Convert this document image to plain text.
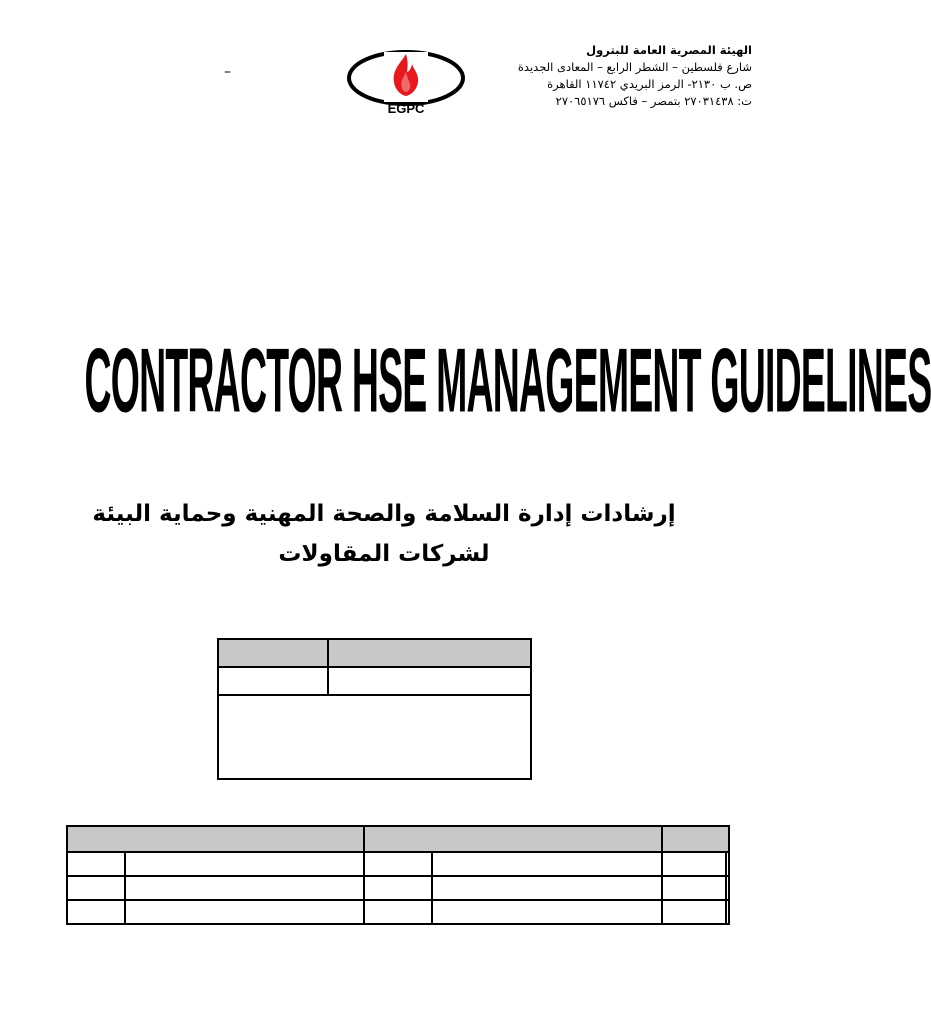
–
EGPC
الهيئة المصرية العامة للبترول
شارع فلسطين – الشطر الرابع – المعادى الجديدة
ص. ب ٢١٣٠- الرمز البريدي ١١٧٤٢ القاهرة
ت: ٢٧٠٣١٤٣٨ بتمصر – فاكس ٢٧٠٦٥١٧٦
CONTRACTOR HSE MANAGEMENT GUIDELINES
إرشادات إدارة السلامة والصحة المهنية وحماية البيئة
لشركات المقاولات
